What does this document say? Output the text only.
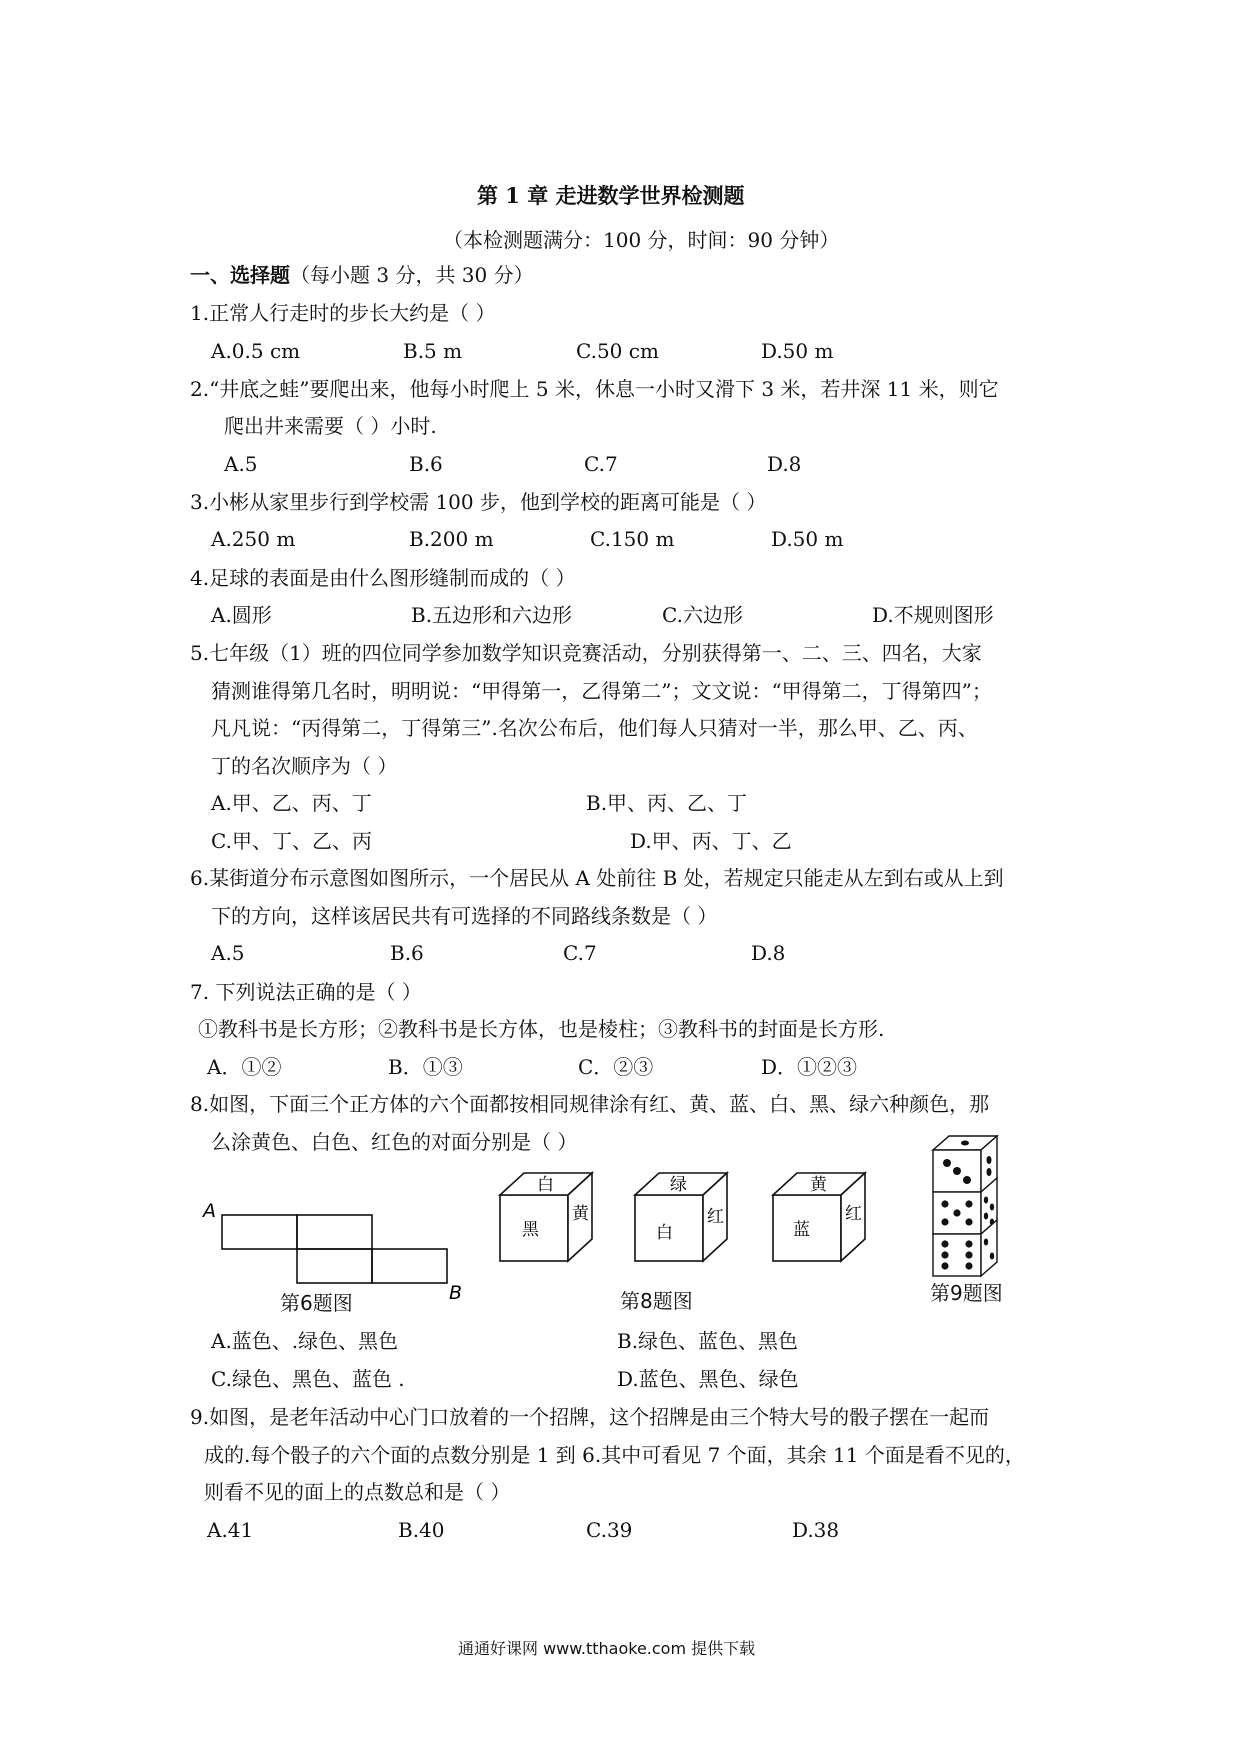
第 1 章 走进数学世界检测题
（本检测题满分：100 分，时间：90 分钟）
一、选择题（每小题 3 分，共 30 分）
1.正常人行走时的步长大约是（ ）
A.0.5 cm	B.5 m	C.50 cm	D.50 m
2.“井底之蛙”要爬出来，他每小时爬上 5 米，休息一小时又滑下 3 米，若井深 11 米，则它
爬出井来需要（ ）小时.
A.5	B.6	C.7	D.8
3.小彬从家里步行到学校需 100 步，他到学校的距离可能是（ ）
A.250 m	B.200 m	C.150 m	D.50 m
4.足球的表面是由什么图形缝制而成的（ ）
A.圆形	B.五边形和六边形	C.六边形	D.不规则图形
5.七年级（1）班的四位同学参加数学知识竞赛活动，分别获得第一、二、三、四名，大家
猜测谁得第几名时，明明说：“甲得第一，乙得第二”；文文说：“甲得第二，丁得第四”；
凡凡说：“丙得第二，丁得第三”.名次公布后，他们每人只猜对一半，那么甲、乙、丙、
丁的名次顺序为（ ）
A.甲、乙、丙、丁	B.甲、丙、乙、丁
C.甲、丁、乙、丙	D.甲、丙、丁、乙
6.某街道分布示意图如图所示，一个居民从 A 处前往 B 处，若规定只能走从左到右或从上到
下的方向，这样该居民共有可选择的不同路线条数是（ ）
A.5	B.6	C.7	D.8
7. 下列说法正确的是（ ）
①教科书是长方形；②教科书是长方体，也是棱柱；③教科书的封面是长方形.
A．①②	B．①③	C．②③	D．①②③
8.如图，下面三个正方体的六个面都按相同规律涂有红、黄、蓝、白、黑、绿六种颜色，那
么涂黄色、白色、红色的对面分别是（ ）
A
B
第6题图
白
黑
黄
绿
白
红
黄
蓝
红
第8题图	第9题图
A.蓝色、.绿色、黑色	B.绿色、蓝色、黑色
C.绿色、黑色、蓝色 .	D.蓝色、黑色、绿色
9.如图，是老年活动中心门口放着的一个招牌，这个招牌是由三个特大号的骰子摆在一起而
成的.每个骰子的六个面的点数分别是 1 到 6.其中可看见 7 个面，其余 11 个面是看不见的，
则看不见的面上的点数总和是（ ）
A.41	B.40	C.39	D.38
通通好课网 www.tthaoke.com 提供下载
